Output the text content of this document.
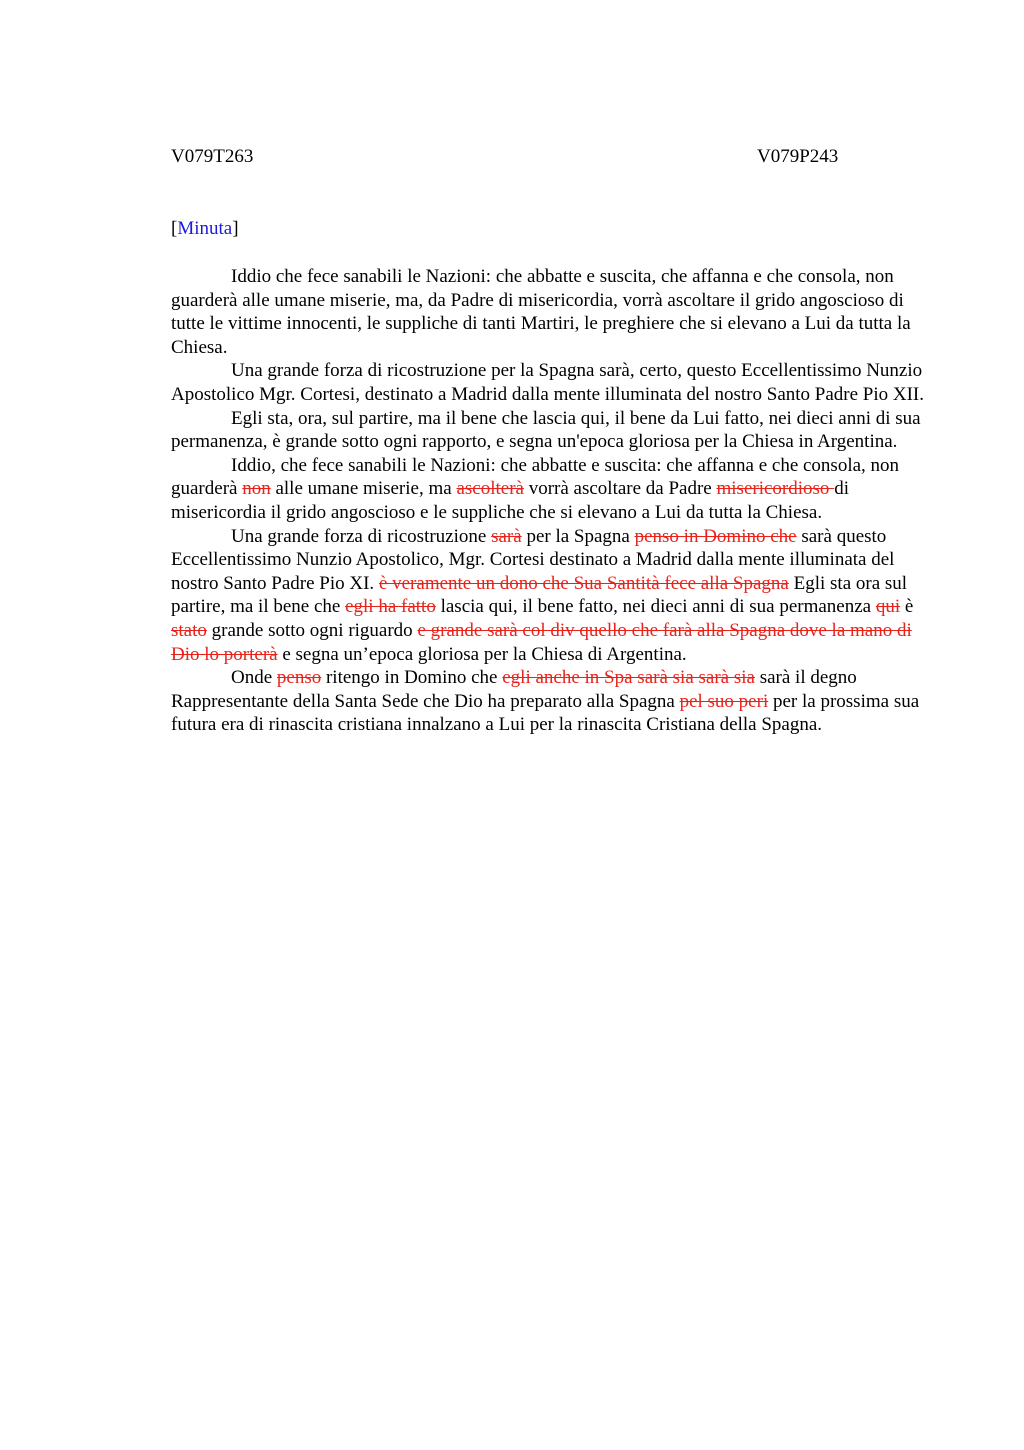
V079T263	V079P243
[Minuta]

Iddio che fece sanabili le Nazioni: che abbatte e suscita, che affanna e che consola, non guarderà alle umane miserie, ma, da Padre di misericordia, vorrà ascoltare il grido angoscioso di tutte le vittime innocenti, le suppliche di tanti Martiri, le preghiere che si elevano a Lui da tutta la Chiesa.

Una grande forza di ricostruzione per la Spagna sarà, certo, questo Eccellentissimo Nunzio Apostolico Mgr. Cortesi, destinato a Madrid dalla mente illuminata del nostro Santo Padre Pio XII.

Egli sta, ora, sul partire, ma il bene che lascia qui, il bene da Lui fatto, nei dieci anni di sua permanenza, è grande sotto ogni rapporto, e segna un'epoca gloriosa per la Chiesa in Argentina.

Iddio, che fece sanabili le Nazioni: che abbatte e suscita: che affanna e che consola, non guarderà non alle umane miserie, ma ascolterà vorrà ascoltare da Padre misericordioso di misericordia il grido angoscioso e le suppliche che si elevano a Lui da tutta la Chiesa.

Una grande forza di ricostruzione sarà per la Spagna penso in Domino che sarà questo Eccellentissimo Nunzio Apostolico, Mgr. Cortesi destinato a Madrid dalla mente illuminata del nostro Santo Padre Pio XI. è veramente un dono che Sua Santità fece alla Spagna Egli sta ora sul partire, ma il bene che egli ha fatto lascia qui, il bene fatto, nei dieci anni di sua permanenza qui è stato grande sotto ogni riguardo e grande sarà col div quello che farà alla Spagna dove la mano di Dio lo porterà e segna un’epoca gloriosa per la Chiesa di Argentina.

Onde penso ritengo in Domino che egli anche in Spa sarà sia sarà sia sarà il degno Rappresentante della Santa Sede che Dio ha preparato alla Spagna pel suo peri per la prossima sua futura era di rinascita cristiana innalzano a Lui per la rinascita Cristiana della Spagna.
